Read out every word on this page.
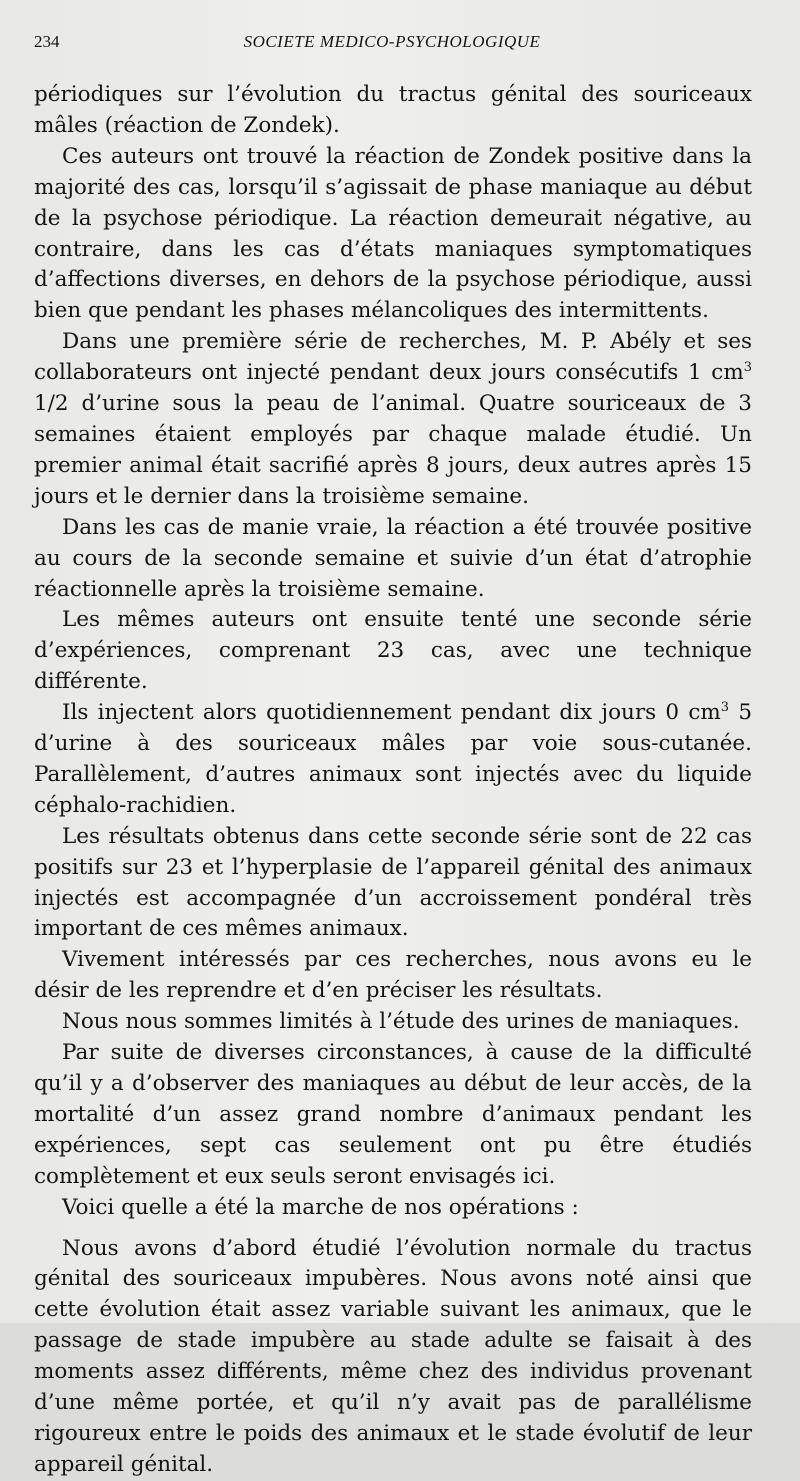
234	SOCIETE MEDICO-PSYCHOLOGIQUE

périodiques sur l’évolution du tractus génital des souriceaux mâles (réaction de Zondek).

Ces auteurs ont trouvé la réaction de Zondek positive dans la majorité des cas, lorsqu’il s’agissait de phase maniaque au début de la psychose périodique. La réaction demeurait négative, au contraire, dans les cas d’états maniaques symptomatiques d’affections diverses, en dehors de la psychose périodique, aussi bien que pendant les phases mélancoliques des intermittents.

Dans une première série de recherches, M. P. Abély et ses collaborateurs ont injecté pendant deux jours consécutifs 1 $cm^3$ 1/2 d’urine sous la peau de l’animal. Quatre souriceaux de 3 semaines étaient employés par chaque malade étudié. Un premier animal était sacrifié après 8 jours, deux autres après 15 jours et le dernier dans la troisième semaine.

Dans les cas de manie vraie, la réaction a été trouvée positive au cours de la seconde semaine et suivie d’un état d’atrophie réactionnelle après la troisième semaine.

Les mêmes auteurs ont ensuite tenté une seconde série d’expériences, comprenant 23 cas, avec une technique différente.

Ils injectent alors quotidiennement pendant dix jours 0 $cm^3$ 5 d’urine à des souriceaux mâles par voie sous-cutanée. Parallèlement, d’autres animaux sont injectés avec du liquide céphalo-rachidien.

Les résultats obtenus dans cette seconde série sont de 22 cas positifs sur 23 et l’hyperplasie de l’appareil génital des animaux injectés est accompagnée d’un accroissement pondéral très important de ces mêmes animaux.

Vivement intéressés par ces recherches, nous avons eu le désir de les reprendre et d’en préciser les résultats.

Nous nous sommes limités à l’étude des urines de maniaques.

Par suite de diverses circonstances, à cause de la difficulté qu’il y a d’observer des maniaques au début de leur accès, de la mortalité d’un assez grand nombre d’animaux pendant les expériences, sept cas seulement ont pu être étudiés complètement et eux seuls seront envisagés ici.

Voici quelle a été la marche de nos opérations :

Nous avons d’abord étudié l’évolution normale du tractus génital des souriceaux impubères. Nous avons noté ainsi que cette évolution était assez variable suivant les animaux, que le passage de stade impubère au stade adulte se faisait à des moments assez différents, même chez des individus provenant d’une même portée, et qu’il n’y avait pas de parallélisme rigoureux entre le poids des animaux et le stade évolutif de leur appareil génital.
